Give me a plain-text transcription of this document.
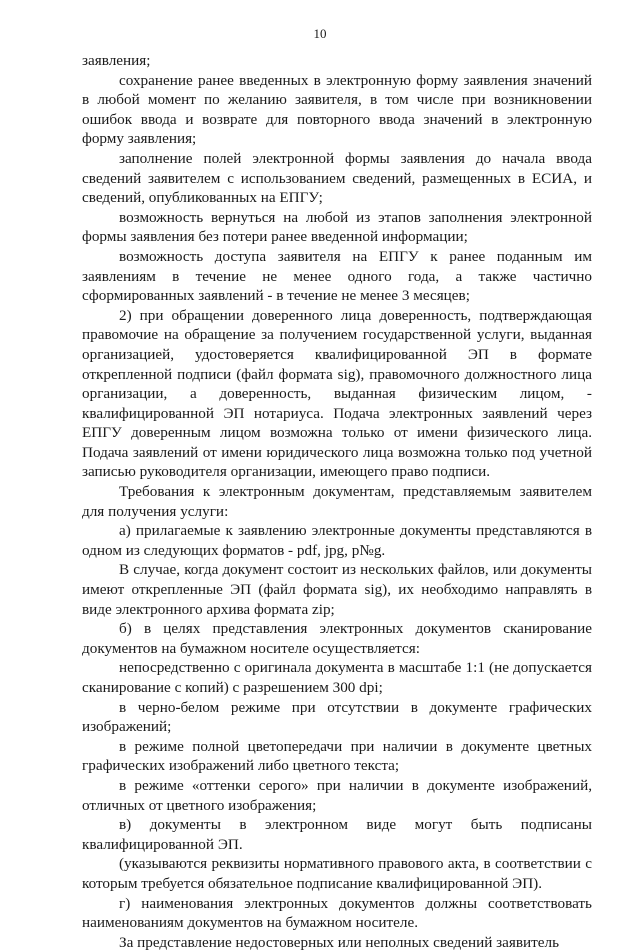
10

заявления;

сохранение ранее введенных в электронную форму заявления значений в любой момент по желанию заявителя, в том числе при возникновении ошибок ввода и возврате для повторного ввода значений в электронную форму заявления;

заполнение полей электронной формы заявления до начала ввода сведений заявителем с использованием сведений, размещенных в ЕСИА, и сведений, опубликованных на ЕПГУ;

возможность вернуться на любой из этапов заполнения электронной формы заявления без потери ранее введенной информации;

возможность доступа заявителя на ЕПГУ к ранее поданным им заявлениям в течение не менее одного года, а также частично сформированных заявлений - в течение не менее 3 месяцев;

2) при обращении доверенного лица доверенность, подтверждающая правомочие на обращение за получением государственной услуги, выданная организацией, удостоверяется квалифицированной ЭП в формате открепленной подписи (файл формата sig), правомочного должностного лица организации, а доверенность, выданная физическим лицом, - квалифицированной ЭП нотариуса. Подача электронных заявлений через ЕПГУ доверенным лицом возможна только от имени физического лица. Подача заявлений от имени юридического лица возможна только под учетной записью руководителя организации, имеющего право подписи.

Требования к электронным документам, представляемым заявителем для получения услуги:

а) прилагаемые к заявлению электронные документы представляются в одном из следующих форматов - pdf, jpg, p№g.

В случае, когда документ состоит из нескольких файлов, или документы имеют открепленные ЭП (файл формата sig), их необходимо направлять в виде электронного архива формата zip;

б) в целях представления электронных документов сканирование документов на бумажном носителе осуществляется:

непосредственно с оригинала документа в масштабе 1:1 (не допускается сканирование с копий) с разрешением 300 dpi;

в черно-белом режиме при отсутствии в документе графических изображений;

в режиме полной цветопередачи при наличии в документе цветных графических изображений либо цветного текста;

в режиме «оттенки серого» при наличии в документе изображений, отличных от цветного изображения;

в) документы в электронном виде могут быть подписаны квалифицированной ЭП.

(указываются реквизиты нормативного правового акта, в соответствии с которым требуется обязательное подписание квалифицированной ЭП).

г) наименования электронных документов должны соответствовать наименованиям документов на бумажном носителе.

За представление недостоверных или неполных сведений заявитель
